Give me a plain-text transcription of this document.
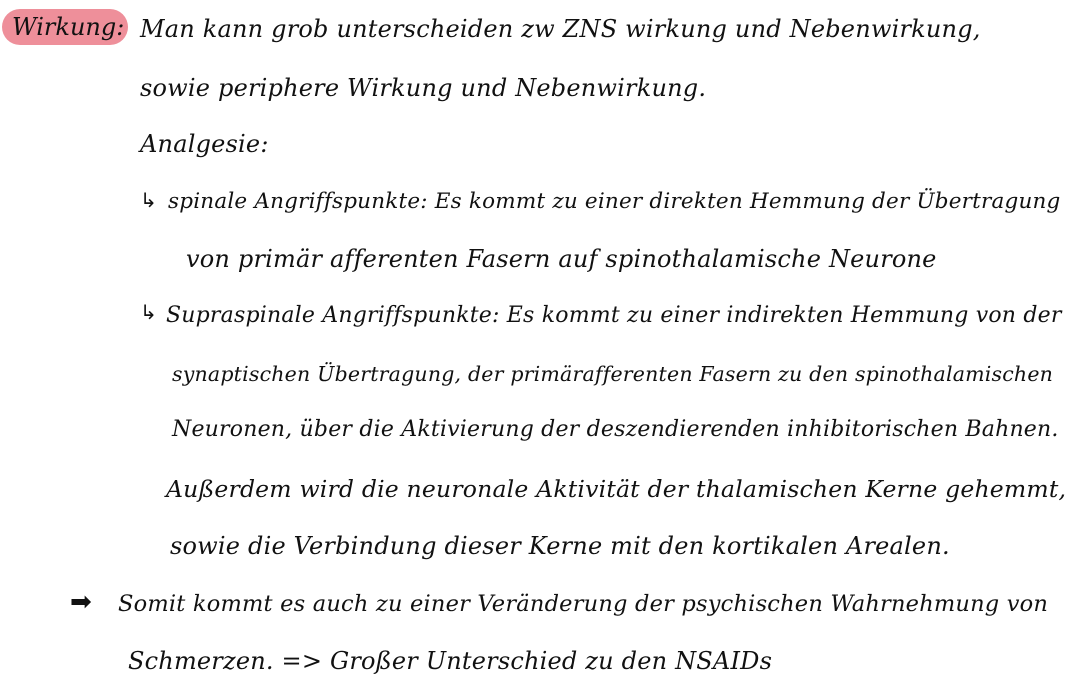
Wirkung: Man kann grob unterscheiden zw ZNS wirkung und Nebenwirkung,
sowie periphere Wirkung und Nebenwirkung.
Analgesie:
↳ spinale Angriffspunkte: Es kommt zu einer direkten Hemmung der Übertragung
von primär afferenten Fasern auf spinothalamische Neurone
↳ Supraspinale Angriffspunkte: Es kommt zu einer indirekten Hemmung von der
synaptischen Übertragung, der primärafferenten Fasern zu den spinothalamischen
Neuronen, über die Aktivierung der deszendierenden inhibitorischen Bahnen.
Außerdem wird die neuronale Aktivität der thalamischen Kerne gehemmt,
sowie die Verbindung dieser Kerne mit den kortikalen Arealen.
➡ Somit kommt es auch zu einer Veränderung der psychischen Wahrnehmung von
Schmerzen. => Großer Unterschied zu den NSAIDs
